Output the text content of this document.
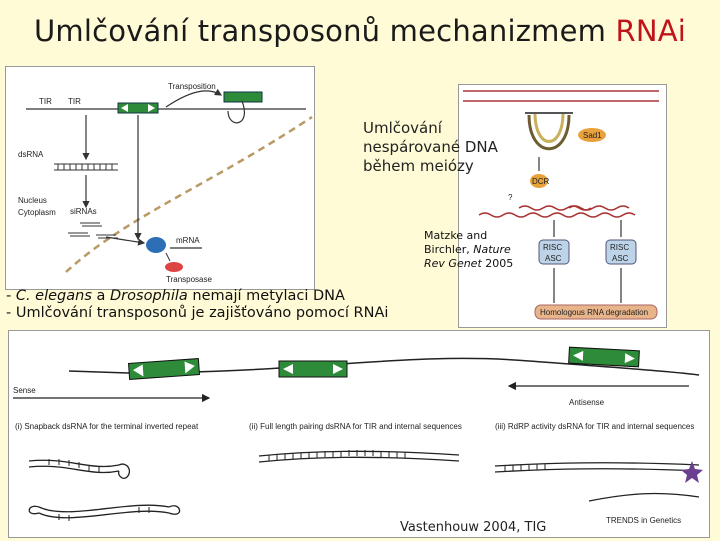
Umlčování transposonů mechanizmem RNAi
Transposition
TIR TIR
dsRNA
Nucleus
Cytoplasm siRNAs
mRNA
Transposase
Sad1
DCR
?
RISC
ASC
RISC
ASC
Homologous RNA degradation
Umlčování
nespárované DNA
během meiózy
Matzke and
Birchler, Nature
Rev Genet 2005
- C. elegans a Drosophila nemají metylaci DNA
- Umlčování transposonů je zajišťováno pomocí RNAi
Sense
Antisense
(i) Snapback dsRNA for the terminal inverted repeat	(ii) Full length pairing dsRNA for TIR and internal sequences	(iii) RdRP activity dsRNA for TIR and internal sequences
TRENDS in Genetics
Vastenhouw 2004, TIG
